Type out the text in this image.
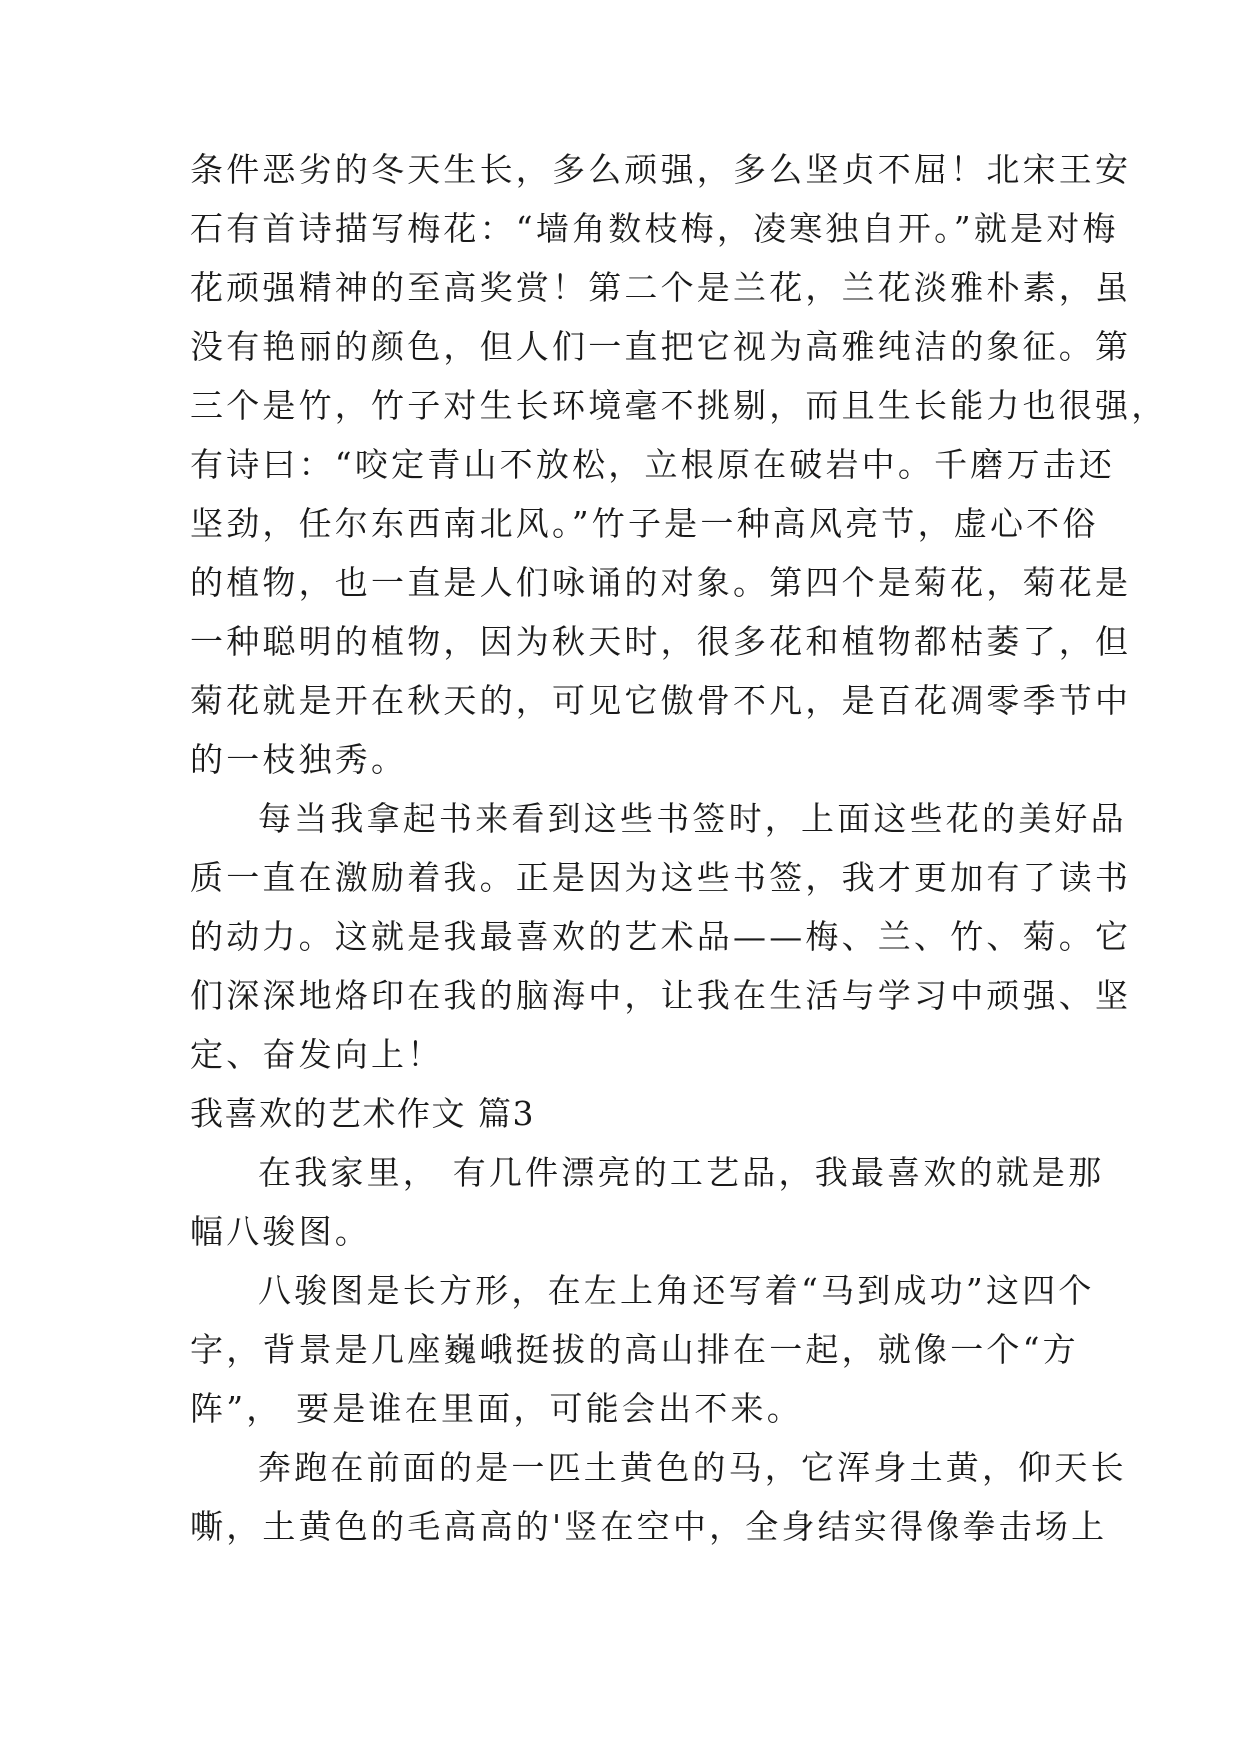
条件恶劣的冬天生长，多么顽强，多么坚贞不屈！北宋王安
石有首诗描写梅花：“墙角数枝梅，凌寒独自开。”就是对梅
花顽强精神的至高奖赏！第二个是兰花，兰花淡雅朴素，虽
没有艳丽的颜色，但人们一直把它视为高雅纯洁的象征。第
三个是竹，竹子对生长环境毫不挑剔，而且生长能力也很强，
有诗曰：“咬定青山不放松，立根原在破岩中。千磨万击还
坚劲，任尔东西南北风。”竹子是一种高风亮节，虚心不俗
的植物，也一直是人们咏诵的对象。第四个是菊花，菊花是
一种聪明的植物，因为秋天时，很多花和植物都枯萎了，但
菊花就是开在秋天的，可见它傲骨不凡，是百花凋零季节中
的一枝独秀。
每当我拿起书来看到这些书签时，上面这些花的美好品
质一直在激励着我。正是因为这些书签，我才更加有了读书
的动力。这就是我最喜欢的艺术品——梅、兰、竹、菊。它
们深深地烙印在我的脑海中，让我在生活与学习中顽强、坚
定、奋发向上！
我喜欢的艺术作文 篇3
在我家里， 有几件漂亮的工艺品，我最喜欢的就是那
幅八骏图。
八骏图是长方形，在左上角还写着“马到成功”这四个
字，背景是几座巍峨挺拔的高山排在一起，就像一个“方
阵”， 要是谁在里面，可能会出不来。
奔跑在前面的是一匹土黄色的马，它浑身土黄，仰天长
嘶，土黄色的毛高高的'竖在空中，全身结实得像拳击场上
